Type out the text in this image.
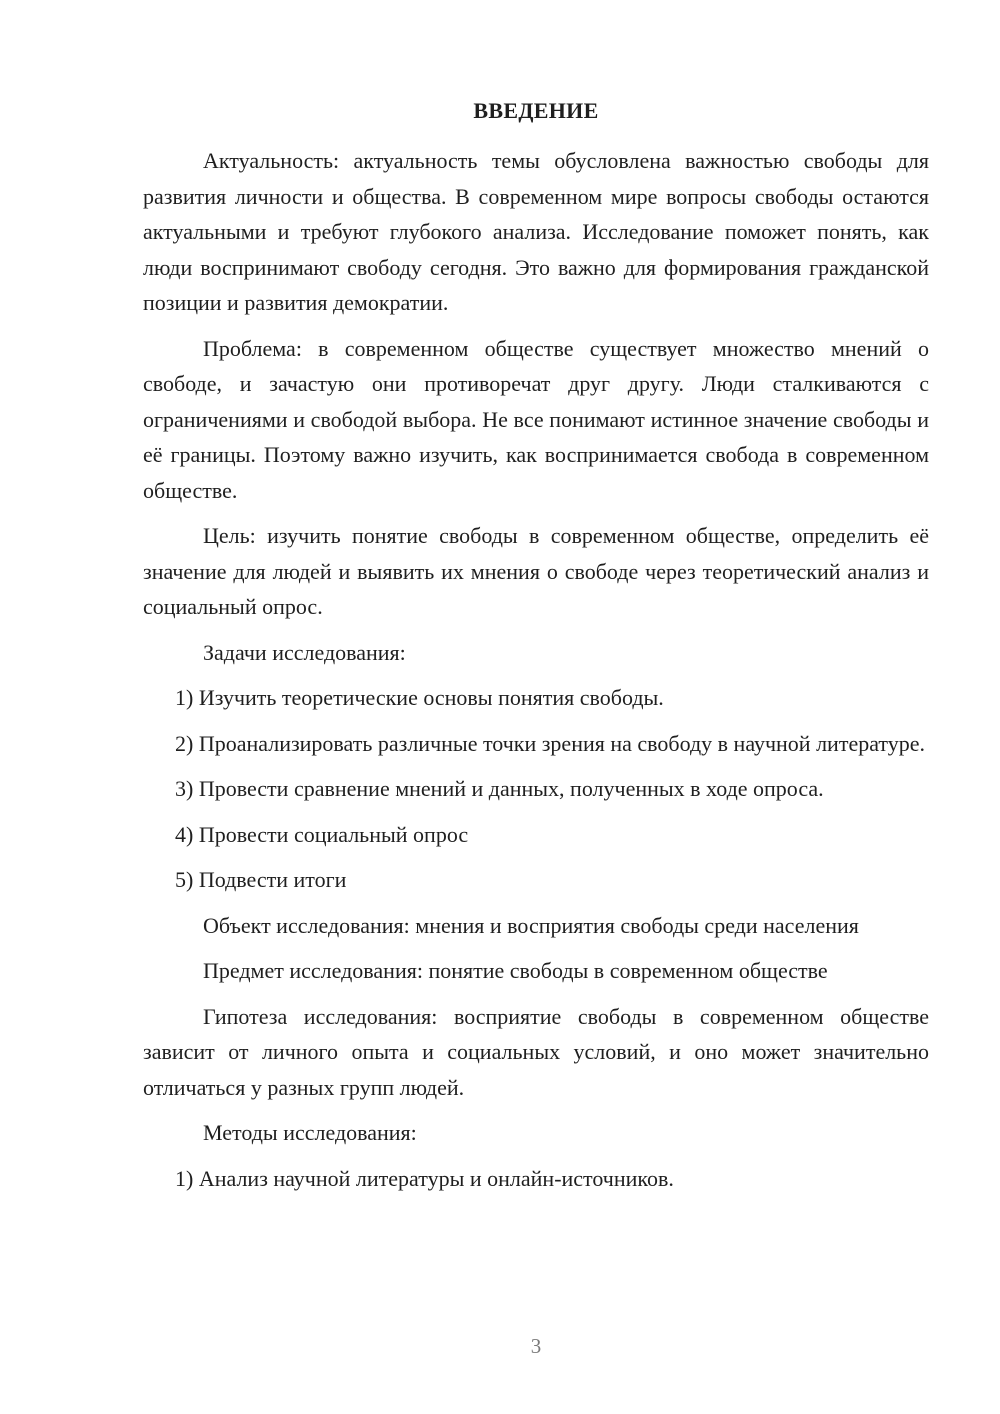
ВВЕДЕНИЕ

Актуальность: актуальность темы обусловлена важностью свободы для развития личности и общества. В современном мире вопросы свободы остаются актуальными и требуют глубокого анализа. Исследование поможет понять, как люди воспринимают свободу сегодня. Это важно для формирования гражданской позиции и развития демократии.

Проблема: в современном обществе существует множество мнений о свободе, и зачастую они противоречат друг другу. Люди сталкиваются с ограничениями и свободой выбора. Не все понимают истинное значение свободы и её границы. Поэтому важно изучить, как воспринимается свобода в современном обществе.

Цель: изучить понятие свободы в современном обществе, определить её значение для людей и выявить их мнения о свободе через теоретический анализ и социальный опрос.

Задачи исследования:

1) Изучить теоретические основы понятия свободы.

2) Проанализировать различные точки зрения на свободу в научной литературе.

3) Провести сравнение мнений и данных, полученных в ходе опроса.

4) Провести социальный опрос

5) Подвести итоги

Объект исследования: мнения и восприятия свободы среди населения

Предмет исследования: понятие свободы в современном обществе

Гипотеза исследования: восприятие свободы в современном обществе зависит от личного опыта и социальных условий, и оно может значительно отличаться у разных групп людей.

Методы исследования:

1) Анализ научной литературы и онлайн-источников.

3
